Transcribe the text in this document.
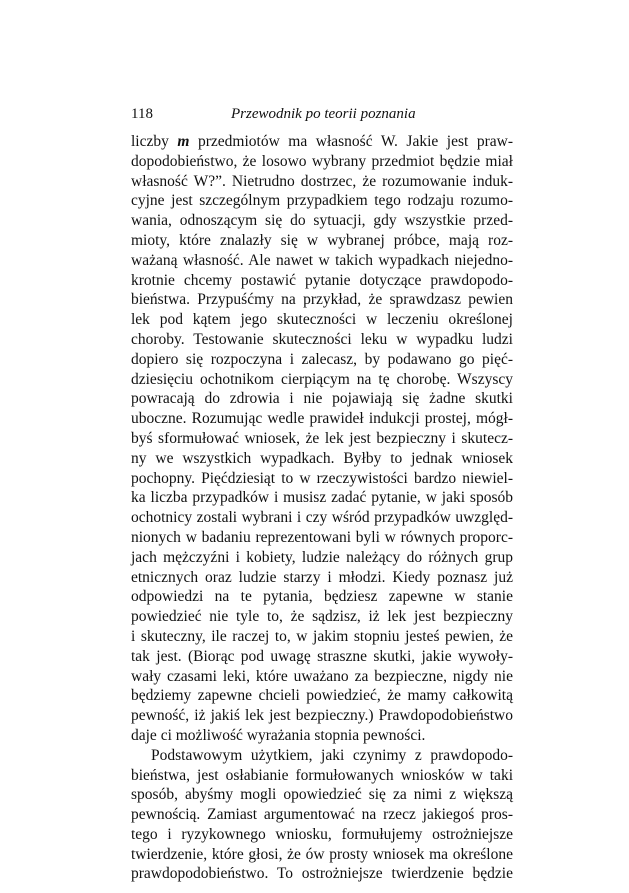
118	Przewodnik po teorii poznania
liczby m przedmiotów ma własność W. Jakie jest praw-
dopodobieństwo, że losowo wybrany przedmiot będzie miał
własność W?”. Nietrudno dostrzec, że rozumowanie induk-
cyjne jest szczególnym przypadkiem tego rodzaju rozumo-
wania, odnoszącym się do sytuacji, gdy wszystkie przed-
mioty, które znalazły się w wybranej próbce, mają roz-
ważaną własność. Ale nawet w takich wypadkach niejedno-
krotnie chcemy postawić pytanie dotyczące prawdopodo-
bieństwa. Przypuśćmy na przykład, że sprawdzasz pewien
lek pod kątem jego skuteczności w leczeniu określonej
choroby. Testowanie skuteczności leku w wypadku ludzi
dopiero się rozpoczyna i zalecasz, by podawano go pięć-
dziesięciu ochotnikom cierpiącym na tę chorobę. Wszyscy
powracają do zdrowia i nie pojawiają się żadne skutki
uboczne. Rozumując wedle prawideł indukcji prostej, mógł-
byś sformułować wniosek, że lek jest bezpieczny i skutecz-
ny we wszystkich wypadkach. Byłby to jednak wniosek
pochopny. Pięćdziesiąt to w rzeczywistości bardzo niewiel-
ka liczba przypadków i musisz zadać pytanie, w jaki sposób
ochotnicy zostali wybrani i czy wśród przypadków uwzględ-
nionych w badaniu reprezentowani byli w równych proporc-
jach mężczyźni i kobiety, ludzie należący do różnych grup
etnicznych oraz ludzie starzy i młodzi. Kiedy poznasz już
odpowiedzi na te pytania, będziesz zapewne w stanie
powiedzieć nie tyle to, że sądzisz, iż lek jest bezpieczny
i skuteczny, ile raczej to, w jakim stopniu jesteś pewien, że
tak jest. (Biorąc pod uwagę straszne skutki, jakie wywoły-
wały czasami leki, które uważano za bezpieczne, nigdy nie
będziemy zapewne chcieli powiedzieć, że mamy całkowitą
pewność, iż jakiś lek jest bezpieczny.) Prawdopodobieństwo
daje ci możliwość wyrażania stopnia pewności.
Podstawowym użytkiem, jaki czynimy z prawdopodo-
bieństwa, jest osłabianie formułowanych wniosków w taki
sposób, abyśmy mogli opowiedzieć się za nimi z większą
pewnością. Zamiast argumentować na rzecz jakiegoś pros-
tego i ryzykownego wniosku, formułujemy ostrożniejsze
twierdzenie, które głosi, że ów prosty wniosek ma określone
prawdopodobieństwo. To ostrożniejsze twierdzenie będzie
